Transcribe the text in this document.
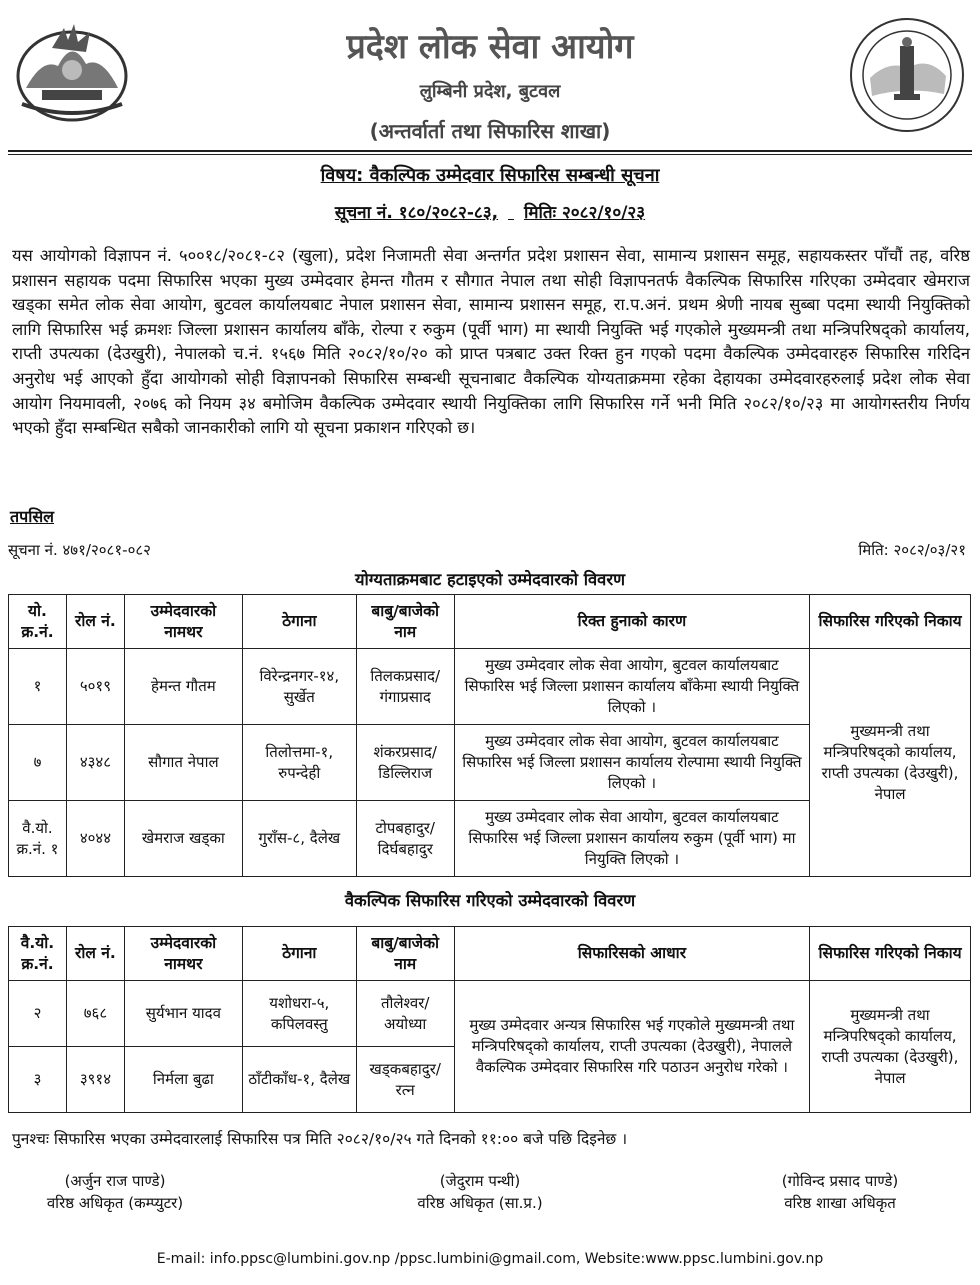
प्रदेश लोक सेवा आयोग
लुम्बिनी प्रदेश, बुटवल
(अन्तर्वार्ता तथा सिफारिस शाखा)
विषय: वैकल्पिक उम्मेदवार सिफारिस सम्बन्धी सूचना
सूचना नं. १८०/२०८२-८३, मितिः २०८२/१०/२३
यस आयोगको विज्ञापन नं. ५००१८/२०८१-८२ (खुला), प्रदेश निजामती सेवा अन्तर्गत प्रदेश प्रशासन सेवा, सामान्य प्रशासन समूह, सहायकस्तर पाँचौं तह, वरिष्ठ प्रशासन सहायक पदमा सिफारिस भएका मुख्य उम्मेदवार हेमन्त गौतम र सौगात नेपाल तथा सोही विज्ञापनतर्फ वैकल्पिक सिफारिस गरिएका उम्मेदवार खेमराज खड्का समेत लोक सेवा आयोग, बुटवल कार्यालयबाट नेपाल प्रशासन सेवा, सामान्य प्रशासन समूह, रा.प.अनं. प्रथम श्रेणी नायब सुब्बा पदमा स्थायी नियुक्तिको लागि सिफारिस भई क्रमशः जिल्ला प्रशासन कार्यालय बाँके, रोल्पा र रुकुम (पूर्वी भाग) मा स्थायी नियुक्ति भई गएकोले मुख्यमन्त्री तथा मन्त्रिपरिषद्को कार्यालय, राप्ती उपत्यका (देउखुरी), नेपालको च.नं. १५६७ मिति २०८२/१०/२० को प्राप्त पत्रबाट उक्त रिक्त हुन गएको पदमा वैकल्पिक उम्मेदवारहरु सिफारिस गरिदिन अनुरोध भई आएको हुँदा आयोगको सोही विज्ञापनको सिफारिस सम्बन्धी सूचनाबाट वैकल्पिक योग्यताक्रममा रहेका देहायका उम्मेदवारहरुलाई प्रदेश लोक सेवा आयोग नियमावली, २०७६ को नियम ३४ बमोजिम वैकल्पिक उम्मेदवार स्थायी नियुक्तिका लागि सिफारिस गर्ने भनी मिति २०८२/१०/२३ मा आयोगस्तरीय निर्णय भएको हुँदा सम्बन्धित सबैको जानकारीको लागि यो सूचना प्रकाशन गरिएको छ।
तपसिल
सूचना नं. ४७१/२०८१-०८२	मिति: २०८२/०३/२१
योग्यताक्रमबाट हटाइएको उम्मेदवारको विवरण
यो. क्र.नं.	रोल नं.	उम्मेदवारको नामथर	ठेगाना	बाबु/बाजेको नाम	रिक्त हुनाको कारण	सिफारिस गरिएको निकाय
१	५०१९	हेमन्त गौतम	विरेन्द्रनगर-१४, सुर्खेत	तिलकप्रसाद/ गंगाप्रसाद	मुख्य उम्मेदवार लोक सेवा आयोग, बुटवल कार्यालयबाट सिफारिस भई जिल्ला प्रशासन कार्यालय बाँकेमा स्थायी नियुक्ति लिएको ।	मुख्यमन्त्री तथा मन्त्रिपरिषद्को कार्यालय, राप्ती उपत्यका (देउखुरी), नेपाल
७	४३४८	सौगात नेपाल	तिलोत्तमा-१, रुपन्देही	शंकरप्रसाद/ डिल्लिराज	मुख्य उम्मेदवार लोक सेवा आयोग, बुटवल कार्यालयबाट सिफारिस भई जिल्ला प्रशासन कार्यालय रोल्पामा स्थायी नियुक्ति लिएको ।	
वै.यो. क्र.नं. १	४०४४	खेमराज खड्का	गुराँस-८, दैलेख	टोपबहादुर/ दिर्घबहादुर	मुख्य उम्मेदवार लोक सेवा आयोग, बुटवल कार्यालयबाट सिफारिस भई जिल्ला प्रशासन कार्यालय रुकुम (पूर्वी भाग) मा नियुक्ति लिएको ।	
वैकल्पिक सिफारिस गरिएको उम्मेदवारको विवरण
वै.यो. क्र.नं.	रोल नं.	उम्मेदवारको नामथर	ठेगाना	बाबु/बाजेको नाम	सिफारिसको आधार	सिफारिस गरिएको निकाय
२	७६८	सुर्यभान यादव	यशोधरा-५, कपिलवस्तु	तौलेश्वर/ अयोध्या	मुख्य उम्मेदवार अन्यत्र सिफारिस भई गएकोले मुख्यमन्त्री तथा मन्त्रिपरिषद्को कार्यालय, राप्ती उपत्यका (देउखुरी), नेपालले वैकल्पिक उम्मेदवार सिफारिस गरि पठाउन अनुरोध गरेको ।	मुख्यमन्त्री तथा मन्त्रिपरिषद्को कार्यालय, राप्ती उपत्यका (देउखुरी), नेपाल
३	३९१४	निर्मला बुढा	ठाँटीकाँध-१, दैलेख	खड्कबहादुर/ रत्न		
पुनश्चः सिफारिस भएका उम्मेदवारलाई सिफारिस पत्र मिति २०८२/१०/२५ गते दिनको ११:०० बजे पछि दिइनेछ ।
(अर्जुन राज पाण्डे)
वरिष्ठ अधिकृत (कम्प्युटर)
(जेदुराम पन्थी)
वरिष्ठ अधिकृत (सा.प्र.)
(गोविन्द प्रसाद पाण्डे)
वरिष्ठ शाखा अधिकृत
E-mail: info.ppsc@lumbini.gov.np /ppsc.lumbini@gmail.com, Website:www.ppsc.lumbini.gov.np
